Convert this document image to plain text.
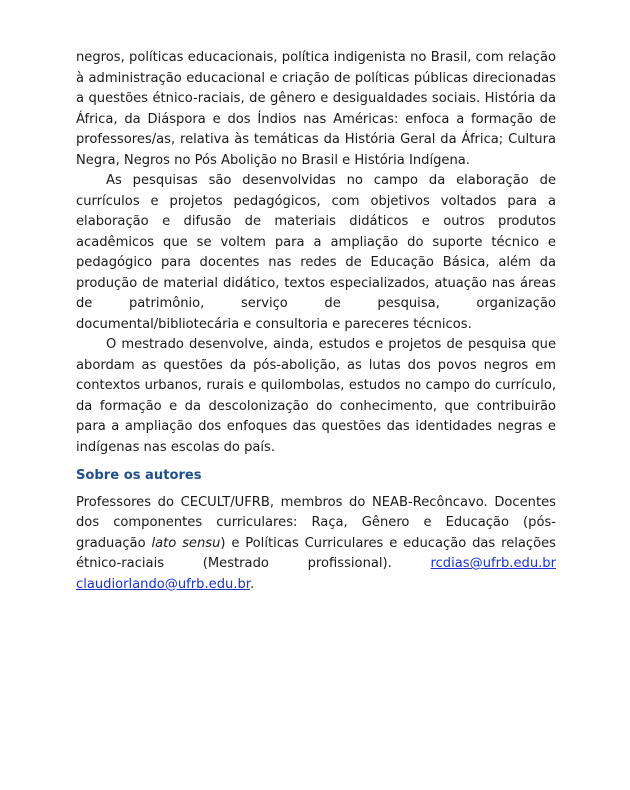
negros, políticas educacionais, política indigenista no Brasil, com relação à administração educacional e criação de políticas públicas direcionadas a questões étnico-raciais, de gênero e desigualdades sociais. História da África, da Diáspora e dos Índios nas Américas: enfoca a formação de professores/as, relativa às temáticas da História Geral da África; Cultura Negra, Negros no Pós Abolição no Brasil e História Indígena.

As pesquisas são desenvolvidas no campo da elaboração de currículos e projetos pedagógicos, com objetivos voltados para a elaboração e difusão de materiais didáticos e outros produtos acadêmicos que se voltem para a ampliação do suporte técnico e pedagógico para docentes nas redes de Educação Básica, além da produção de material didático, textos especializados, atuação nas áreas de patrimônio, serviço de pesquisa, organização documental/bibliotecária e consultoria e pareceres técnicos.

O mestrado desenvolve, ainda, estudos e projetos de pesquisa que abordam as questões da pós-abolição, as lutas dos povos negros em contextos urbanos, rurais e quilombolas, estudos no campo do currículo, da formação e da descolonização do conhecimento, que contribuirão para a ampliação dos enfoques das questões das identidades negras e indígenas nas escolas do país.

Sobre os autores

Professores do CECULT/UFRB, membros do NEAB-Recôncavo. Docentes dos componentes curriculares: Raça, Gênero e Educação (pós-graduação lato sensu) e Políticas Curriculares e educação das relações étnico-raciais (Mestrado profissional). rcdias@ufrb.edu.br claudiorlando@ufrb.edu.br.
